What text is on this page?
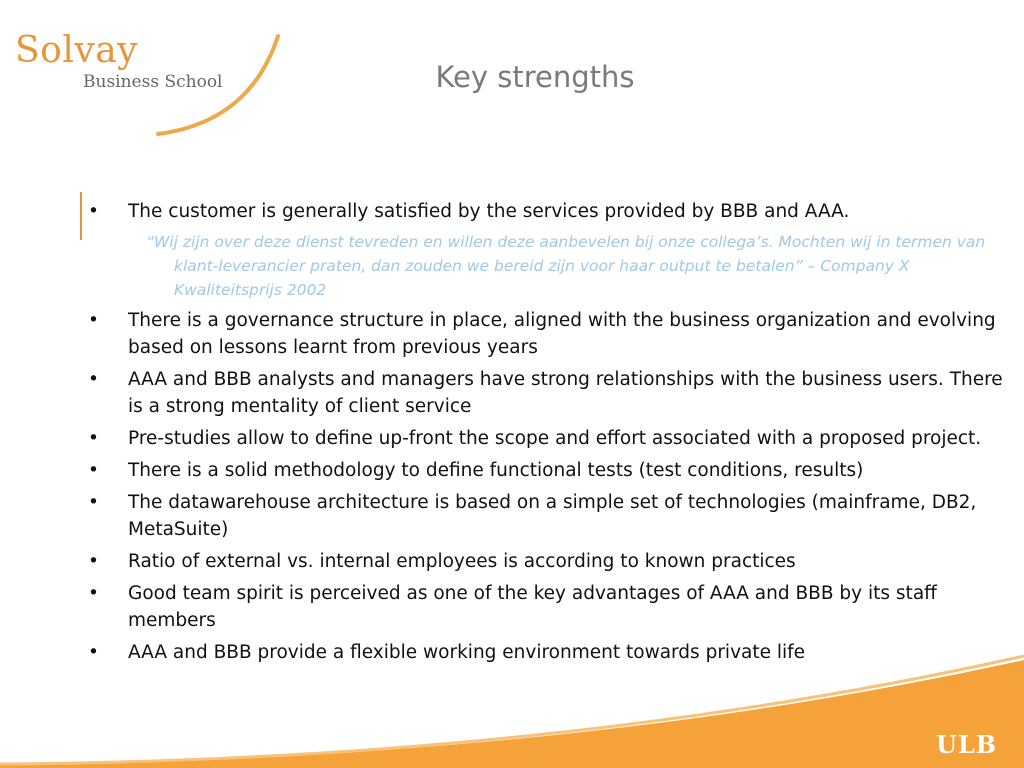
Solvay
Business School	Key strengths
• The customer is generally satisfied by the services provided by BBB and AAA.
“Wij zijn over deze dienst tevreden en willen deze aanbevelen bij onze collega’s. Mochten wij in termen van klant-leverancier praten, dan zouden we bereid zijn voor haar output te betalen” – Company X Kwaliteitsprijs 2002
• There is a governance structure in place, aligned with the business organization and evolving based on lessons learnt from previous years
• AAA and BBB analysts and managers have strong relationships with the business users. There is a strong mentality of client service
• Pre-studies allow to define up-front the scope and effort associated with a proposed project.
• There is a solid methodology to define functional tests (test conditions, results)
• The datawarehouse architecture is based on a simple set of technologies (mainframe, DB2, MetaSuite)
• Ratio of external vs. internal employees is according to known practices
• Good team spirit is perceived as one of the key advantages of AAA and BBB by its staff members
• AAA and BBB provide a flexible working environment towards private life
ULB
